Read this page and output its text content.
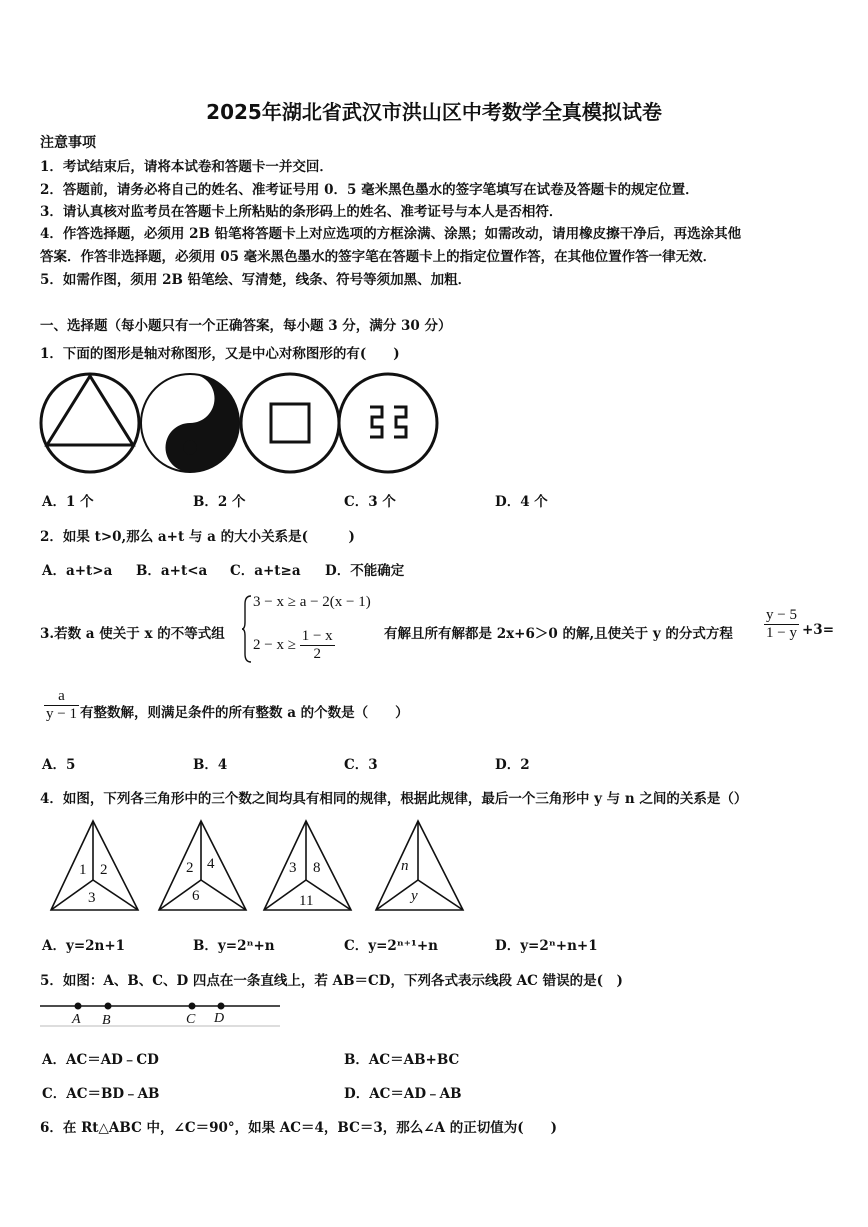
2025年湖北省武汉市洪山区中考数学全真模拟试卷
注意事项
1．考试结束后，请将本试卷和答题卡一并交回．
2．答题前，请务必将自己的姓名、准考证号用 0．5 毫米黑色墨水的签字笔填写在试卷及答题卡的规定位置．
3．请认真核对监考员在答题卡上所粘贴的条形码上的姓名、准考证号与本人是否相符．
4．作答选择题，必须用 2B 铅笔将答题卡上对应选项的方框涂满、涂黑；如需改动，请用橡皮擦干净后，再选涂其他
答案．作答非选择题，必须用 05 毫米黑色墨水的签字笔在答题卡上的指定位置作答，在其他位置作答一律无效．
5．如需作图，须用 2B 铅笔绘、写清楚，线条、符号等须加黑、加粗．
一、选择题（每小题只有一个正确答案，每小题 3 分，满分 30 分）
1．下面的图形是轴对称图形，又是中心对称图形的有(　　)
A．1 个	B．2 个	C．3 个	D．4 个
2．如果 t>0,那么 a+t 与 a 的大小关系是(　　　)
A．a+t>a B．a+t<a C．a+t≥a D．不能确定
3.若数 a 使关于 x 的不等式组
3 − x ≥ a − 2(x − 1)
$2 - x \ge \frac{1 - x}{2}$	有解且所有解都是 2x+6＞0 的解,且使关于 y 的分式方程 $\frac{y - 5}{1 - y} +3=$
$\frac{a}{y - 1}$ 有整数解，则满足条件的所有整数 a 的个数是（　　）
A．5	B．4	C．3	D．2
4．如图，下列各三角形中的三个数之间均具有相同的规律，根据此规律，最后一个三角形中 y 与 n 之间的关系是（）
1 2
3
2 4
6
3 8
11
n
y
A．y=2n+1	B．y=2ⁿ+n	C．y=2ⁿ⁺¹+n	D．y=2ⁿ+n+1
5．如图：A、B、C、D 四点在一条直线上，若 AB＝CD，下列各式表示线段 AC 错误的是(　)
A B	C D
A．AC＝AD﹣CD	B．AC＝AB+BC
C．AC＝BD﹣AB	D．AC＝AD﹣AB
6．在 Rt△ABC 中，∠C＝90°，如果 AC＝4，BC＝3，那么∠A 的正切值为(　　)
